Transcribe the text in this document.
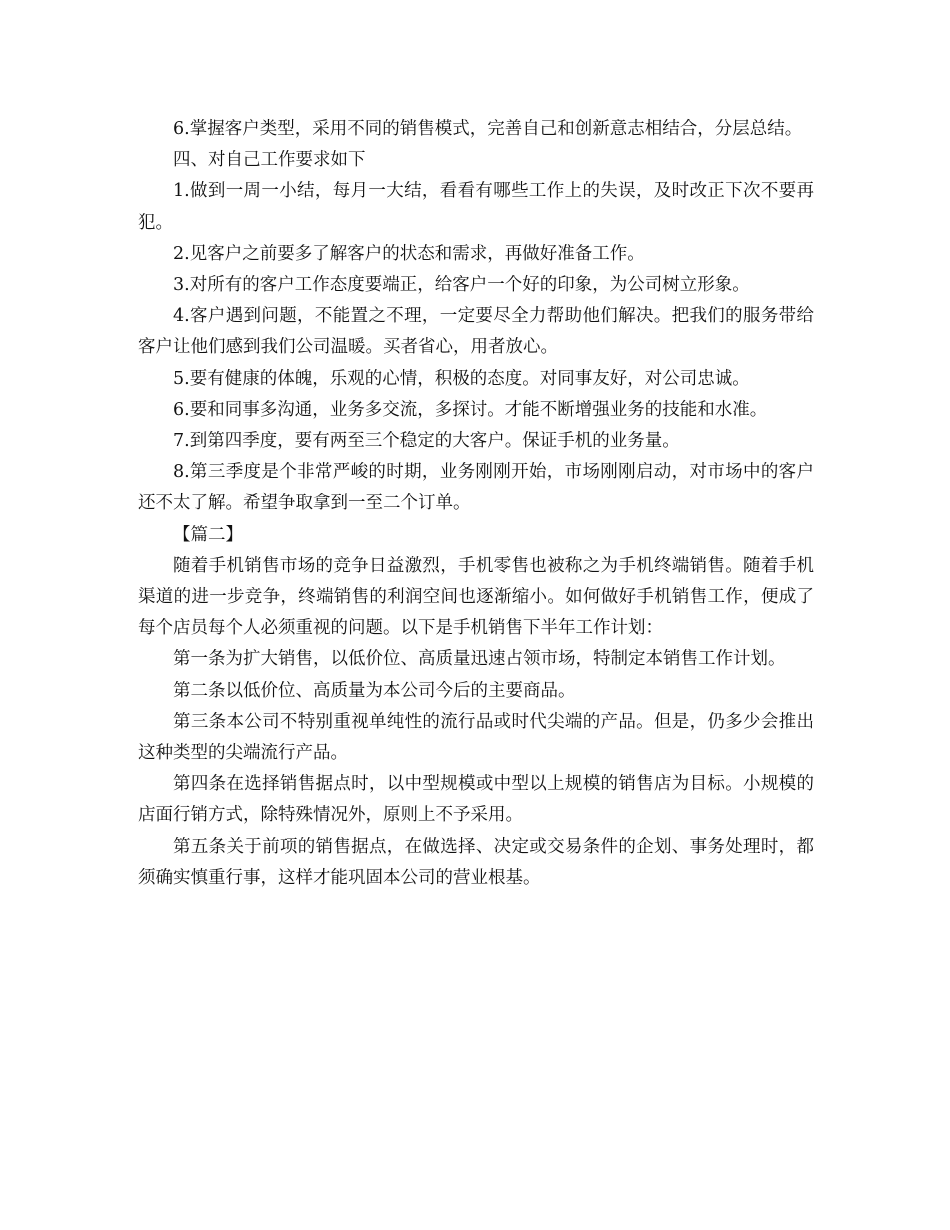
6.掌握客户类型，采用不同的销售模式，完善自己和创新意志相结合，分层总结。

四、对自己工作要求如下

1.做到一周一小结，每月一大结，看看有哪些工作上的失误，及时改正下次不要再犯。

2.见客户之前要多了解客户的状态和需求，再做好准备工作。

3.对所有的客户工作态度要端正，给客户一个好的印象，为公司树立形象。

4.客户遇到问题，不能置之不理，一定要尽全力帮助他们解决。把我们的服务带给客户让他们感到我们公司温暖。买者省心，用者放心。

5.要有健康的体魄，乐观的心情，积极的态度。对同事友好，对公司忠诚。

6.要和同事多沟通，业务多交流，多探讨。才能不断增强业务的技能和水准。

7.到第四季度，要有两至三个稳定的大客户。保证手机的业务量。

8.第三季度是个非常严峻的时期，业务刚刚开始，市场刚刚启动，对市场中的客户还不太了解。希望争取拿到一至二个订单。

【篇二】

随着手机销售市场的竞争日益激烈，手机零售也被称之为手机终端销售。随着手机渠道的进一步竞争，终端销售的利润空间也逐渐缩小。如何做好手机销售工作，便成了每个店员每个人必须重视的问题。以下是手机销售下半年工作计划：

第一条为扩大销售，以低价位、高质量迅速占领市场，特制定本销售工作计划。

第二条以低价位、高质量为本公司今后的主要商品。

第三条本公司不特别重视单纯性的流行品或时代尖端的产品。但是，仍多少会推出这种类型的尖端流行产品。

第四条在选择销售据点时，以中型规模或中型以上规模的销售店为目标。小规模的店面行销方式，除特殊情况外，原则上不予采用。

第五条关于前项的销售据点，在做选择、决定或交易条件的企划、事务处理时，都须确实慎重行事，这样才能巩固本公司的营业根基。
